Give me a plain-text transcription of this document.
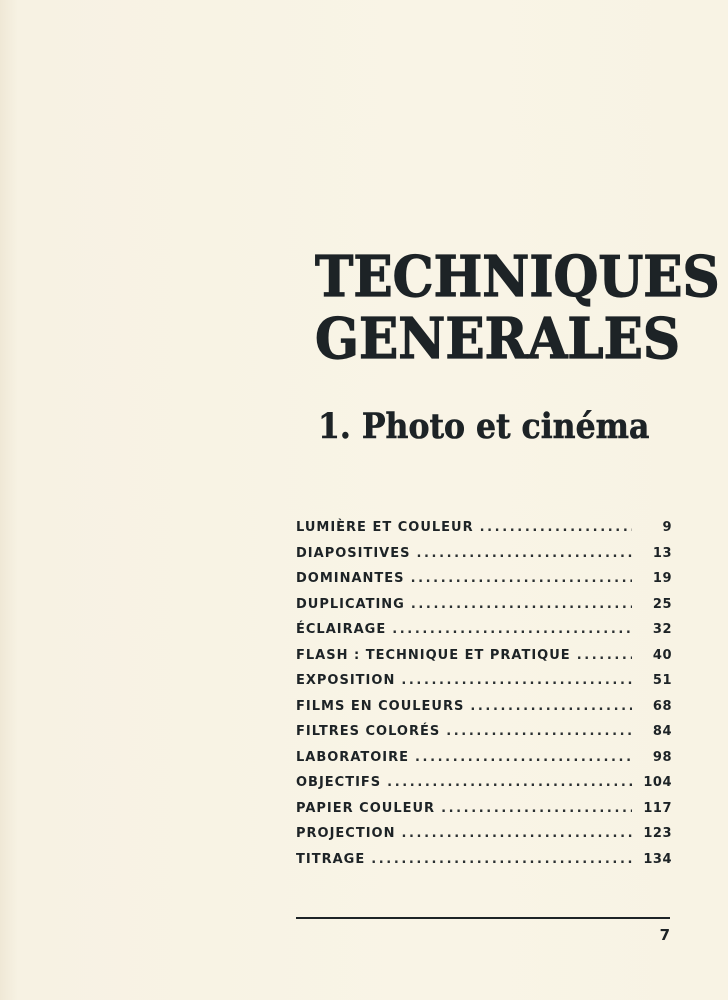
TECHNIQUES
GENERALES
1. Photo et cinéma
LUMIÈRE ET COULEUR .....	9
DIAPOSITIVES .....	13
DOMINANTES .....	19
DUPLICATING .....	25
ÉCLAIRAGE .....	32
FLASH : TECHNIQUE ET PRATIQUE .....	40
EXPOSITION .....	51
FILMS EN COULEURS .....	68
FILTRES COLORÉS .....	84
LABORATOIRE .....	98
OBJECTIFS .....	104
PAPIER COULEUR .....	117
PROJECTION .....	123
TITRAGE .....	134
7
